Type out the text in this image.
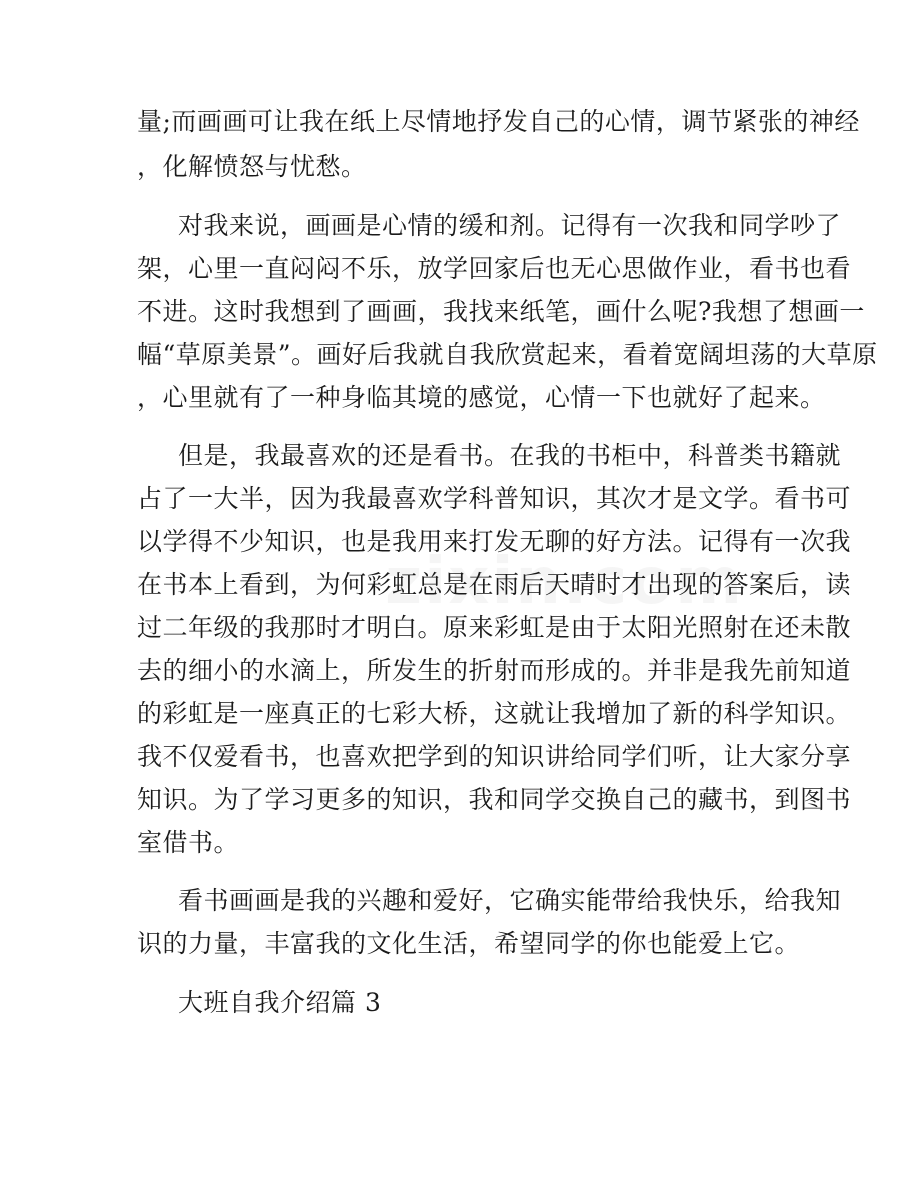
量;而画画可让我在纸上尽情地抒发自己的心情，调节紧张的神经
，化解愤怒与忧愁。
对我来说，画画是心情的缓和剂。记得有一次我和同学吵了
架，心里一直闷闷不乐，放学回家后也无心思做作业，看书也看
不进。这时我想到了画画，我找来纸笔，画什么呢?我想了想画一
幅“草原美景”。画好后我就自我欣赏起来，看着宽阔坦荡的大草原
，心里就有了一种身临其境的感觉，心情一下也就好了起来。
但是，我最喜欢的还是看书。在我的书柜中，科普类书籍就
占了一大半，因为我最喜欢学科普知识，其次才是文学。看书可
以学得不少知识，也是我用来打发无聊的好方法。记得有一次我
在书本上看到，为何彩虹总是在雨后天晴时才出现的答案后，读
过二年级的我那时才明白。原来彩虹是由于太阳光照射在还未散
去的细小的水滴上，所发生的折射而形成的。并非是我先前知道
的彩虹是一座真正的七彩大桥，这就让我增加了新的科学知识。
我不仅爱看书，也喜欢把学到的知识讲给同学们听，让大家分享
知识。为了学习更多的知识，我和同学交换自己的藏书，到图书
室借书。
看书画画是我的兴趣和爱好，它确实能带给我快乐，给我知
识的力量，丰富我的文化生活，希望同学的你也能爱上它。
大班自我介绍篇 3
